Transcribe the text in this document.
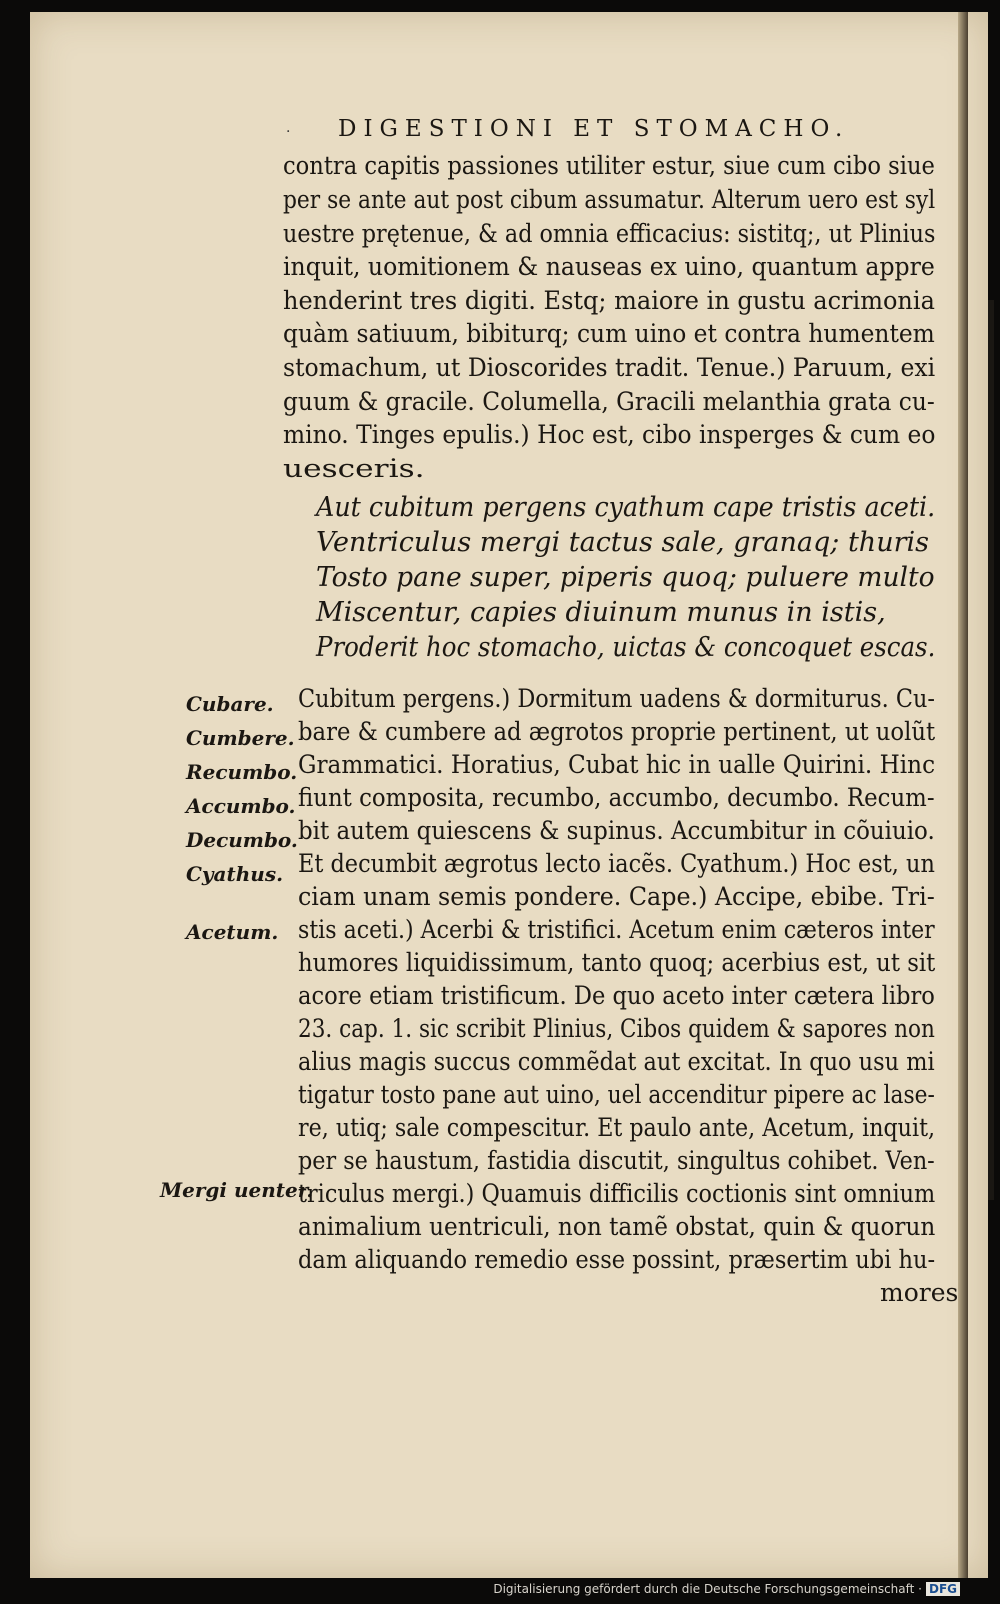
· DIGESTIONI ET STOMACHO.
contra capitis passiones utiliter estur, siue cum cibo siue
per se ante aut post cibum assumatur. Alterum uero est syl
uestre prętenue, & ad omnia efficacius: sistitq;, ut Plinius
inquit, uomitionem & nauseas ex uino, quantum appre
henderint tres digiti. Estq; maiore in gustu acrimonia
quàm satiuum, bibiturq; cum uino et contra humentem
stomachum, ut Dioscorides tradit. Tenue.) Paruum, exi
guum & gracile. Columella, Gracili melanthia grata cu-
mino. Tinges epulis.) Hoc est, cibo insperges & cum eo
uesceris.
Aut cubitum pergens cyathum cape tristis aceti.
Ventriculus mergi tactus sale, granaq; thuris
Tosto pane super, piperis quoq; puluere multo
Miscentur, capies diuinum munus in istis,
Proderit hoc stomacho, uictas & concoquet escas.
Cubitum pergens.) Dormitum uadens & dormiturus. Cu-
bare & cumbere ad ægrotos proprie pertinent, ut uolũt
Grammatici. Horatius, Cubat hic in ualle Quirini. Hinc
fiunt composita, recumbo, accumbo, decumbo. Recum-
bit autem quiescens & supinus. Accumbitur in cõuiuio.
Et decumbit ægrotus lecto iacẽs. Cyathum.) Hoc est, un
ciam unam semis pondere. Cape.) Accipe, ebibe. Tri-
stis aceti.) Acerbi & tristifici. Acetum enim cæteros inter
humores liquidissimum, tanto quoq; acerbius est, ut sit
acore etiam tristificum. De quo aceto inter cætera libro
23. cap. 1. sic scribit Plinius, Cibos quidem & sapores non
alius magis succus commẽdat aut excitat. In quo usu mi
tigatur tosto pane aut uino, uel accenditur pipere ac lase-
re, utiq; sale compescitur. Et paulo ante, Acetum, inquit,
per se haustum, fastidia discutit, singultus cohibet. Ven-
triculus mergi.) Quamuis difficilis coctionis sint omnium
animalium uentriculi, non tamẽ obstat, quin & quorun
dam aliquando remedio esse possint, præsertim ubi hu-
mores
Cubare.
Cumbere.
Recumbo.
Accumbo.
Decumbo.
Cyathus.
Acetum.
Mergi uenter.
Digitalisierung gefördert durch die Deutsche Forschungsgemeinschaft · DFG
